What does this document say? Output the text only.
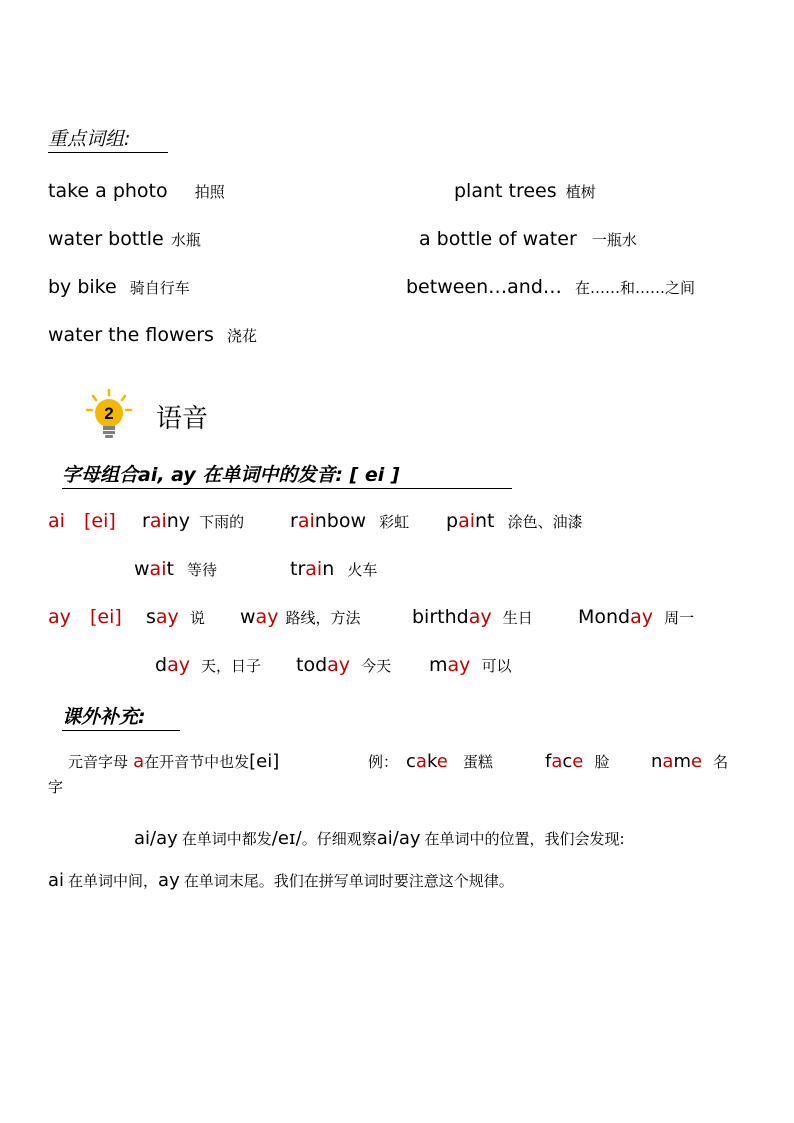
重点词组:
take a photo 拍照	plant trees 植树
water bottle 水瓶	a bottle of water 一瓶水
by bike 骑自行车	between…and… 在……和……之间
water the flowers 浇花
2 语音
字母组合ai, ay 在单词中的发音: [ ei ]
ai [ei] rainy 下雨的 rainbow 彩虹 paint 涂色、油漆
wait 等待	train 火车
ay [ei] say 说 way 路线，方法	birthday 生日 Monday 周一
day 天，日子 today 今天 may 可以
课外补充:
元音字母 a在开音节中也发[ei]	例： cake 蛋糕	face 脸 name 名
字
ai/ay 在单词中都发/eɪ/。仔细观察ai/ay 在单词中的位置，我们会发现:
ai 在单词中间，ay 在单词末尾。我们在拼写单词时要注意这个规律。
